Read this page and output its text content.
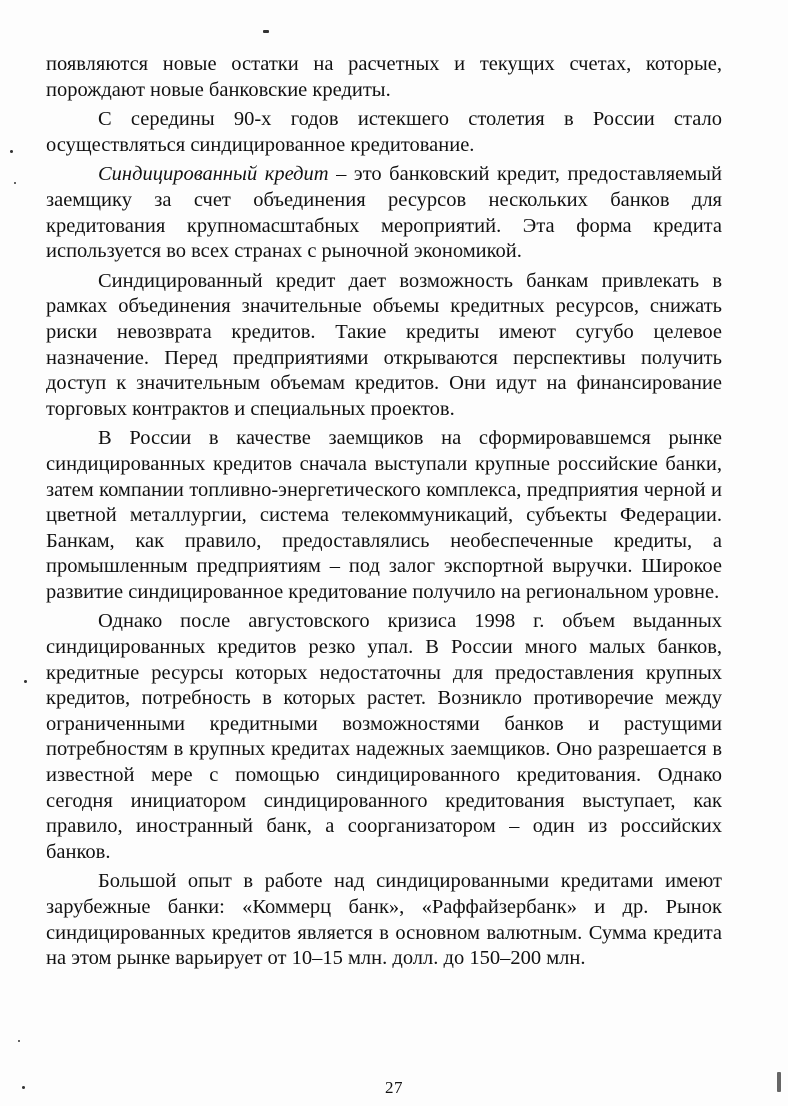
появляются новые остатки на расчетных и текущих счетах, которые, порождают новые банковские кредиты.

С середины 90-х годов истекшего столетия в России стало осуществляться синдицированное кредитование.

Синдицированный кредит – это банковский кредит, предоставляемый заемщику за счет объединения ресурсов нескольких банков для кредитования крупномасштабных мероприятий. Эта форма кредита используется во всех странах с рыночной экономикой.

Синдицированный кредит дает возможность банкам привлекать в рамках объединения значительные объемы кредитных ресурсов, снижать риски невозврата кредитов. Такие кредиты имеют сугубо целевое назначение. Перед предприятиями открываются перспективы получить доступ к значительным объемам кредитов. Они идут на финансирование торговых контрактов и специальных проектов.

В России в качестве заемщиков на сформировавшемся рынке синдицированных кредитов сначала выступали крупные российские банки, затем компании топливно-энергетического комплекса, предприятия черной и цветной металлургии, система телекоммуникаций, субъекты Федерации. Банкам, как правило, предоставлялись необеспеченные кредиты, а промышленным предприятиям – под залог экспортной выручки. Широкое развитие синдицированное кредитование получило на региональном уровне.

Однако после августовского кризиса 1998 г. объем выданных синдицированных кредитов резко упал. В России много малых банков, кредитные ресурсы которых недостаточны для предоставления крупных кредитов, потребность в которых растет. Возникло противоречие между ограниченными кредитными возможностями банков и растущими потребностям в крупных кредитах надежных заемщиков. Оно разрешается в известной мере с помощью синдицированного кредитования. Однако сегодня инициатором синдицированного кредитования выступает, как правило, иностранный банк, а соорганизатором – один из российских банков.

Большой опыт в работе над синдицированными кредитами имеют зарубежные банки: «Коммерц банк», «Раффайзербанк» и др. Рынок синдицированных кредитов является в основном валютным. Сумма кредита на этом рынке варьирует от 10–15 млн. долл. до 150–200 млн.

27
